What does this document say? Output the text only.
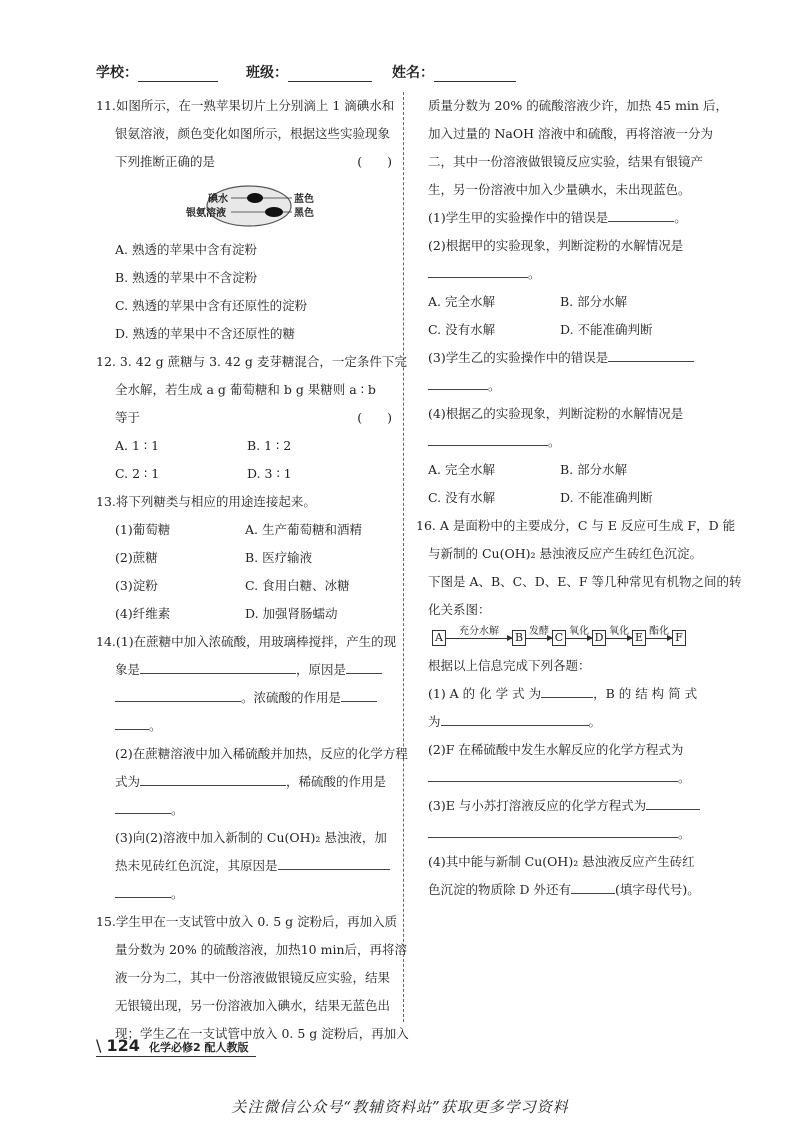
学校：	班级：	姓名：

11.如图所示，在一熟苹果切片上分别滴上 1 滴碘水和

银氨溶液，颜色变化如图所示，根据这些实验现象

下列推断正确的是	(　　)

碘水
银氨溶液
蓝色
黑色

A. 熟透的苹果中含有淀粉

B. 熟透的苹果中不含淀粉

C. 熟透的苹果中含有还原性的淀粉

D. 熟透的苹果中不含还原性的糖

12. 3. 42 g 蔗糖与 3. 42 g 麦芽糖混合，一定条件下完

全水解，若生成 a g 葡萄糖和 b g 果糖则 a ∶ b

等于	(　　)

A. 1 ∶ 1	B. 1 ∶ 2

C. 2 ∶ 1	D. 3 ∶ 1

13.将下列糖类与相应的用途连接起来。

(1)葡萄糖	A. 生产葡萄糖和酒精

(2)蔗糖	B. 医疗输液

(3)淀粉	C. 食用白糖、冰糖

(4)纤维素	D. 加强肾肠蠕动

14.(1)在蔗糖中加入浓硫酸，用玻璃棒搅拌，产生的现

象是	，原因是

。浓硫酸的作用是

。

(2)在蔗糖溶液中加入稀硫酸并加热，反应的化学方程

式为	，稀硫酸的作用是

。

(3)向(2)溶液中加入新制的 Cu(OH)₂ 悬浊液，加

热未见砖红色沉淀，其原因是

。

15.学生甲在一支试管中放入 0. 5 g 淀粉后，再加入质

量分数为 20% 的硫酸溶液，加热10 min后，再将溶

液一分为二，其中一份溶液做银镜反应实验，结果

无银镜出现，另一份溶液加入碘水，结果无蓝色出

现；学生乙在一支试管中放入 0. 5 g 淀粉后，再加入

质量分数为 20% 的硫酸溶液少许，加热 45 min 后，

加入过量的 NaOH 溶液中和硫酸，再将溶液一分为

二，其中一份溶液做银镜反应实验，结果有银镜产

生，另一份溶液中加入少量碘水，未出现蓝色。

(1)学生甲的实验操作中的错误是	。

(2)根据甲的实验现象，判断淀粉的水解情况是

。

A. 完全水解	B. 部分水解

C. 没有水解	D. 不能准确判断

(3)学生乙的实验操作中的错误是

。

(4)根据乙的实验现象，判断淀粉的水解情况是

。

A. 完全水解	B. 部分水解

C. 没有水解	D. 不能准确判断

16. A 是面粉中的主要成分，C 与 E 反应可生成 F，D 能

与新制的 Cu(OH)₂ 悬浊液反应产生砖红色沉淀。

下图是 A、B、C、D、E、F 等几种常见有机物之间的转

化关系图：

A	充分水解	B 发酵 C 氧化 D 氧化 E 酯化 F

根据以上信息完成下列各题：

(1) A 的 化 学 式 为	，B 的 结 构 简 式

为	。

(2)F 在稀硫酸中发生水解反应的化学方程式为

。

(3)E 与小苏打溶液反应的化学方程式为

。

(4)其中能与新制 Cu(OH)₂ 悬浊液反应产生砖红

色沉淀的物质除 D 外还有	(填字母代号)。

\ 124 化学必修2 配人教版
关注微信公众号“教辅资料站”获取更多学习资料
